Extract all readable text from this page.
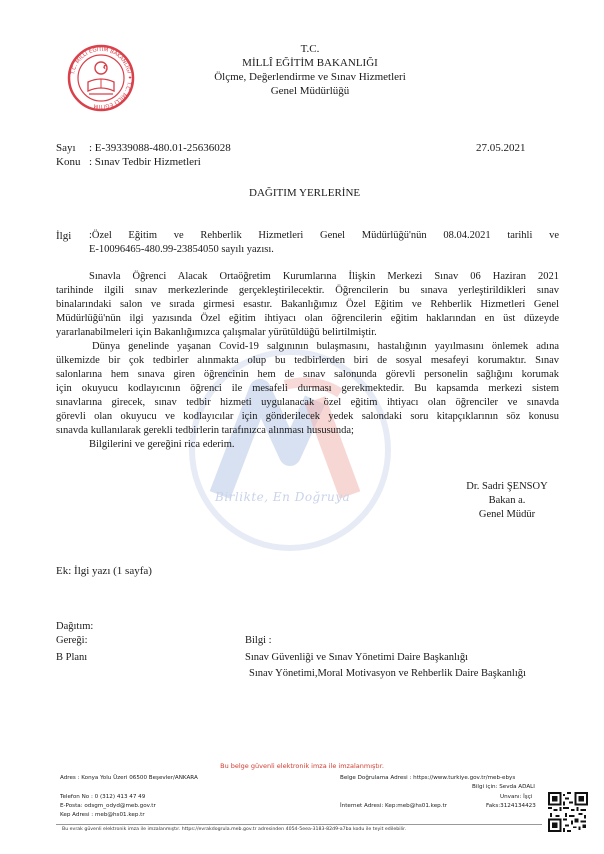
T.C. MİLLÎ EĞİTİM BAKANLIĞI ✦ T.C. MİLLÎ EĞİTİM
T.C.
MİLLÎ EĞİTİM BAKANLIĞI
Ölçme, Değerlendirme ve Sınav Hizmetleri
Genel Müdürlüğü
Sayı : E-39339088-480.01-25636028	27.05.2021
Konu : Sınav Tedbir Hizmetleri
DAĞITIM YERLERİNE
Birlikte, En Doğruya
İlgi :Özel Eğitim ve Rehberlik Hizmetleri Genel Müdürlüğü'nün 08.04.2021 tarihli ve
E-10096465-480.99-23854050 sayılı yazısı.
Sınavla Öğrenci Alacak Ortaöğretim Kurumlarına İlişkin Merkezi Sınav 06 Haziran 2021
tarihinde ilgili sınav merkezlerinde gerçekleştirilecektir. Öğrencilerin bu sınava yerleştirildikleri sınav
binalarındaki salon ve sırada girmesi esastır. Bakanlığımız Özel Eğitim ve Rehberlik Hizmetleri Genel
Müdürlüğü'nün ilgi yazısında Özel eğitim ihtiyacı olan öğrencilerin eğitim haklarından en üst düzeyde
yararlanabilmeleri için Bakanlığımızca çalışmalar yürütüldüğü belirtilmiştir.
Dünya genelinde yaşanan Covid-19 salgınının bulaşmasını, hastalığının yayılmasını önlemek adına
ülkemizde bir çok tedbirler alınmakta olup bu tedbirlerden biri de sosyal mesafeyi korumaktır. Sınav
salonlarına hem sınava giren öğrencinin hem de sınav salonunda görevli personelin sağlığını korumak
için okuyucu kodlayıcının öğrenci ile mesafeli durması gerekmektedir. Bu kapsamda merkezi sistem
sınavlarına girecek, sınav tedbir hizmeti uygulanacak özel eğitim ihtiyacı olan öğrenciler ve sınavda
görevli olan okuyucu ve kodlayıcılar için gönderilecek yedek salondaki soru kitapçıklarının söz konusu
sınavda kullanılarak gerekli tedbirlerin tarafınızca alınması hususunda;
Bilgilerini ve gereğini rica ederim.
Dr. Sadri ŞENSOY
Bakan a.
Genel Müdür
Ek: İlgi yazı (1 sayfa)
Dağıtım:
Gereği:
B Planı
Bilgi :
Sınav Güvenliği ve Sınav Yönetimi Daire Başkanlığı
Sınav Yönetimi,Moral Motivasyon ve Rehberlik Daire Başkanlığı
Bu belge güvenli elektronik imza ile imzalanmıştır.
Adres : Konya Yolu Üzeri 06500 Beşevler/ANKARA	Belge Doğrulama Adresi : https://www.turkiye.gov.tr/meb-ebys
Bilgi için: Sevda ADALI
Telefon No : 0 (312) 413 47 49	Unvanı: İşçi
E-Posta: odsgm_odyd@meb.gov.tr	İnternet Adresi: Kep:meb@hs01.kep.tr	Faks:3124134423
Kep Adresi : meb@hs01.kep.tr
Bu evrak güvenli elektronik imza ile imzalanmıştır. https://evrakdogrula.meb.gov.tr adresinden 4054-5eea-3183-82d9-a7ba kodu ile teyit edilebilir.
